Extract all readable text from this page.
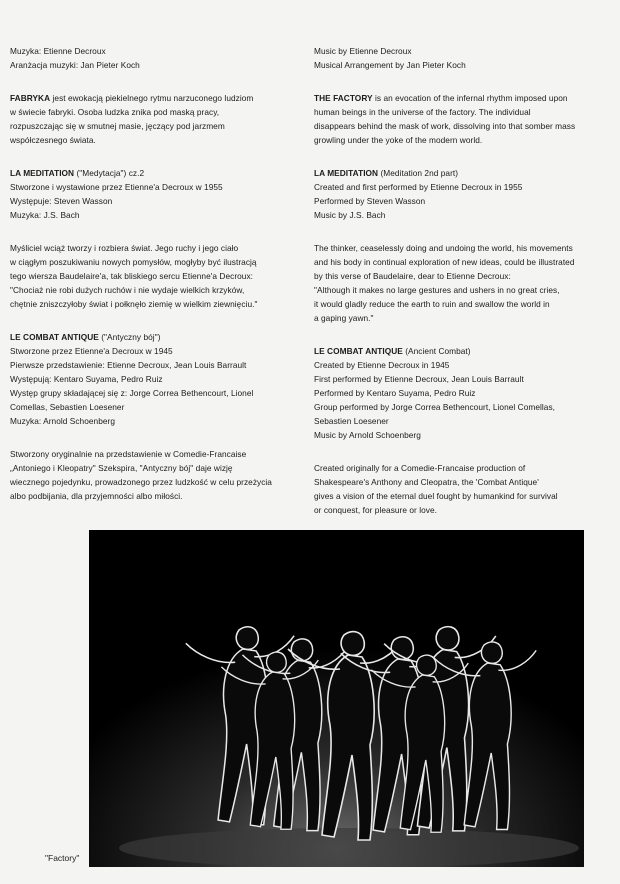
Muzyka: Etienne Decroux
Aranżacja muzyki: Jan Pieter Koch
FABRYKA jest ewokacją piekielnego rytmu narzuconego ludziom
w świecie fabryki. Osoba ludzka znika pod maską pracy,
rozpuszczając się w smutnej masie, jęczący pod jarzmem
współczesnego świata.
LA MEDITATION ("Medytacja") cz.2
Stworzone i wystawione przez Etienne'a Decroux w 1955
Występuje: Steven Wasson
Muzyka: J.S. Bach
Myśliciel wciąż tworzy i rozbiera świat. Jego ruchy i jego ciało
w ciągłym poszukiwaniu nowych pomysłów, mogłyby być ilustracją
tego wiersza Baudelaire'a, tak bliskiego sercu Etienne'a Decroux:
"Chociaż nie robi dużych ruchów i nie wydaje wielkich krzyków,
chętnie zniszczyłoby świat i połknęło ziemię w wielkim ziewnięciu."
LE COMBAT ANTIQUE ("Antyczny bój")
Stworzone przez Etienne'a Decroux w 1945
Pierwsze przedstawienie: Etienne Decroux, Jean Louis Barrault
Występują: Kentaro Suyama, Pedro Ruiz
Występ grupy składającej się z: Jorge Correa Bethencourt, Lionel
Comellas, Sebastien Loesener
Muzyka: Arnold Schoenberg
Stworzony oryginalnie na przedstawienie w Comedie-Francaise
„Antoniego i Kleopatry" Szekspira, "Antyczny bój" daje wizję
wiecznego pojedynku, prowadzonego przez ludzkość w celu przeżycia
albo podbijania, dla przyjemności albo miłości.
Music by Etienne Decroux
Musical Arrangement by Jan Pieter Koch
THE FACTORY is an evocation of the infernal rhythm imposed upon
human beings in the universe of the factory. The individual
disappears behind the mask of work, dissolving into that somber mass
growling under the yoke of the modern world.
LA MEDITATION (Meditation 2nd part)
Created and first performed by Etienne Decroux in 1955
Performed by Steven Wasson
Music by J.S. Bach
The thinker, ceaselessly doing and undoing the world, his movements
and his body in continual exploration of new ideas, could be illustrated
by this verse of Baudelaire, dear to Etienne Decroux:
"Although it makes no large gestures and ushers in no great cries,
it would gladly reduce the earth to ruin and swallow the world in
a gaping yawn."
LE COMBAT ANTIQUE (Ancient Combat)
Created by Etienne Decroux in 1945
First performed by Etienne Decroux, Jean Louis Barrault
Performed by Kentaro Suyama, Pedro Ruiz
Group performed by Jorge Correa Bethencourt, Lionel Comellas,
Sebastien Loesener
Music by Arnold Schoenberg
Created originally for a Comedie-Francaise production of
Shakespeare's Anthony and Cleopatra, the 'Combat Antique'
gives a vision of the eternal duel fought by humankind for survival
or conquest, for pleasure or love.
"Factory"
